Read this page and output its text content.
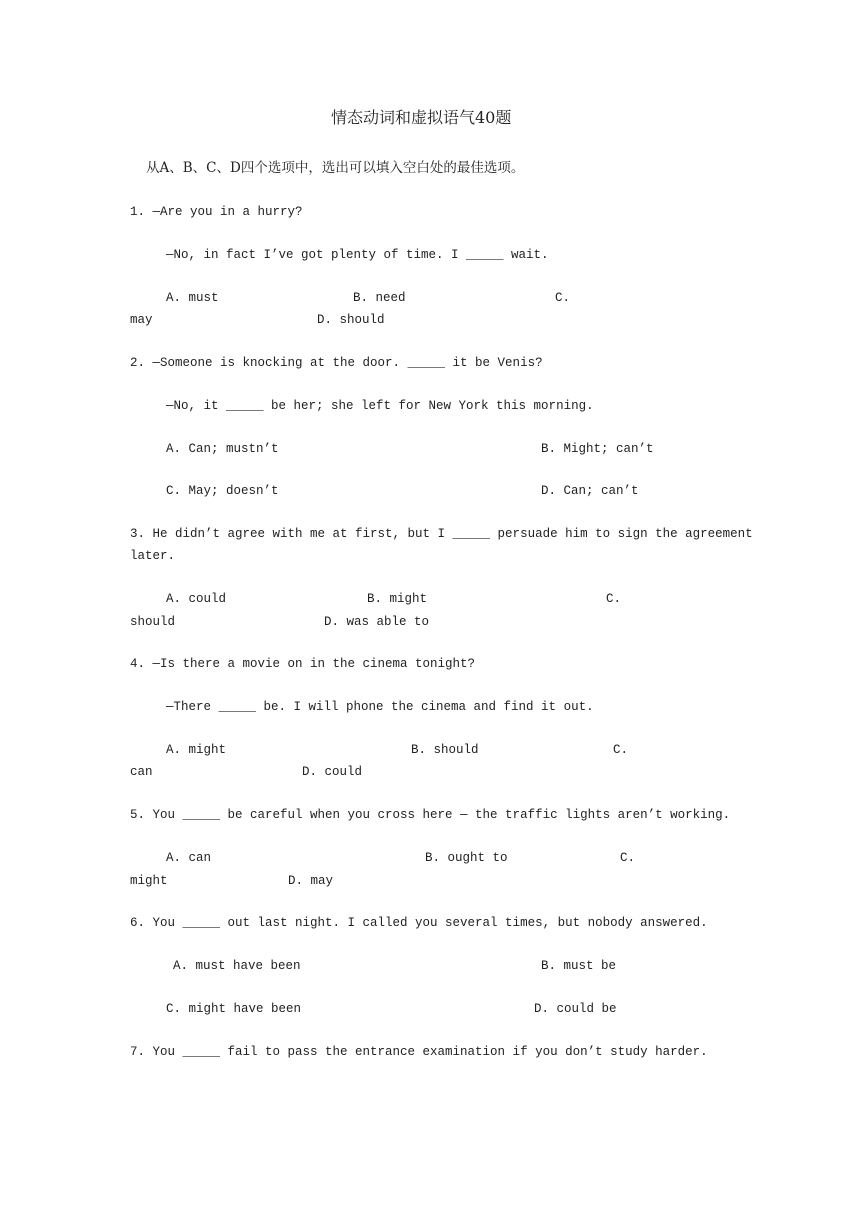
情态动词和虚拟语气40题
从A、B、C、D四个选项中，选出可以填入空白处的最佳选项。
1. —Are you in a hurry?
—No, in fact I’ve got plenty of time. I _____ wait.
A. must	B. need	C.
may	D. should
2. —Someone is knocking at the door. _____ it be Venis?
—No, it _____ be her; she left for New York this morning.
A. Can; mustn’t	B. Might; can’t
C. May; doesn’t	D. Can; can’t
3. He didn’t agree with me at first, but I _____ persuade him to sign the agreement
later.
A. could	B. might	C.
should	D. was able to
4. —Is there a movie on in the cinema tonight?
—There _____ be. I will phone the cinema and find it out.
A. might	B. should	C.
can	D. could
5. You _____ be careful when you cross here — the traffic lights aren’t working.
A. can	B. ought to	C.
might	D. may
6. You _____ out last night. I called you several times, but nobody answered.
A. must have been	B. must be
C. might have been	D. could be
7. You _____ fail to pass the entrance examination if you don’t study harder.
